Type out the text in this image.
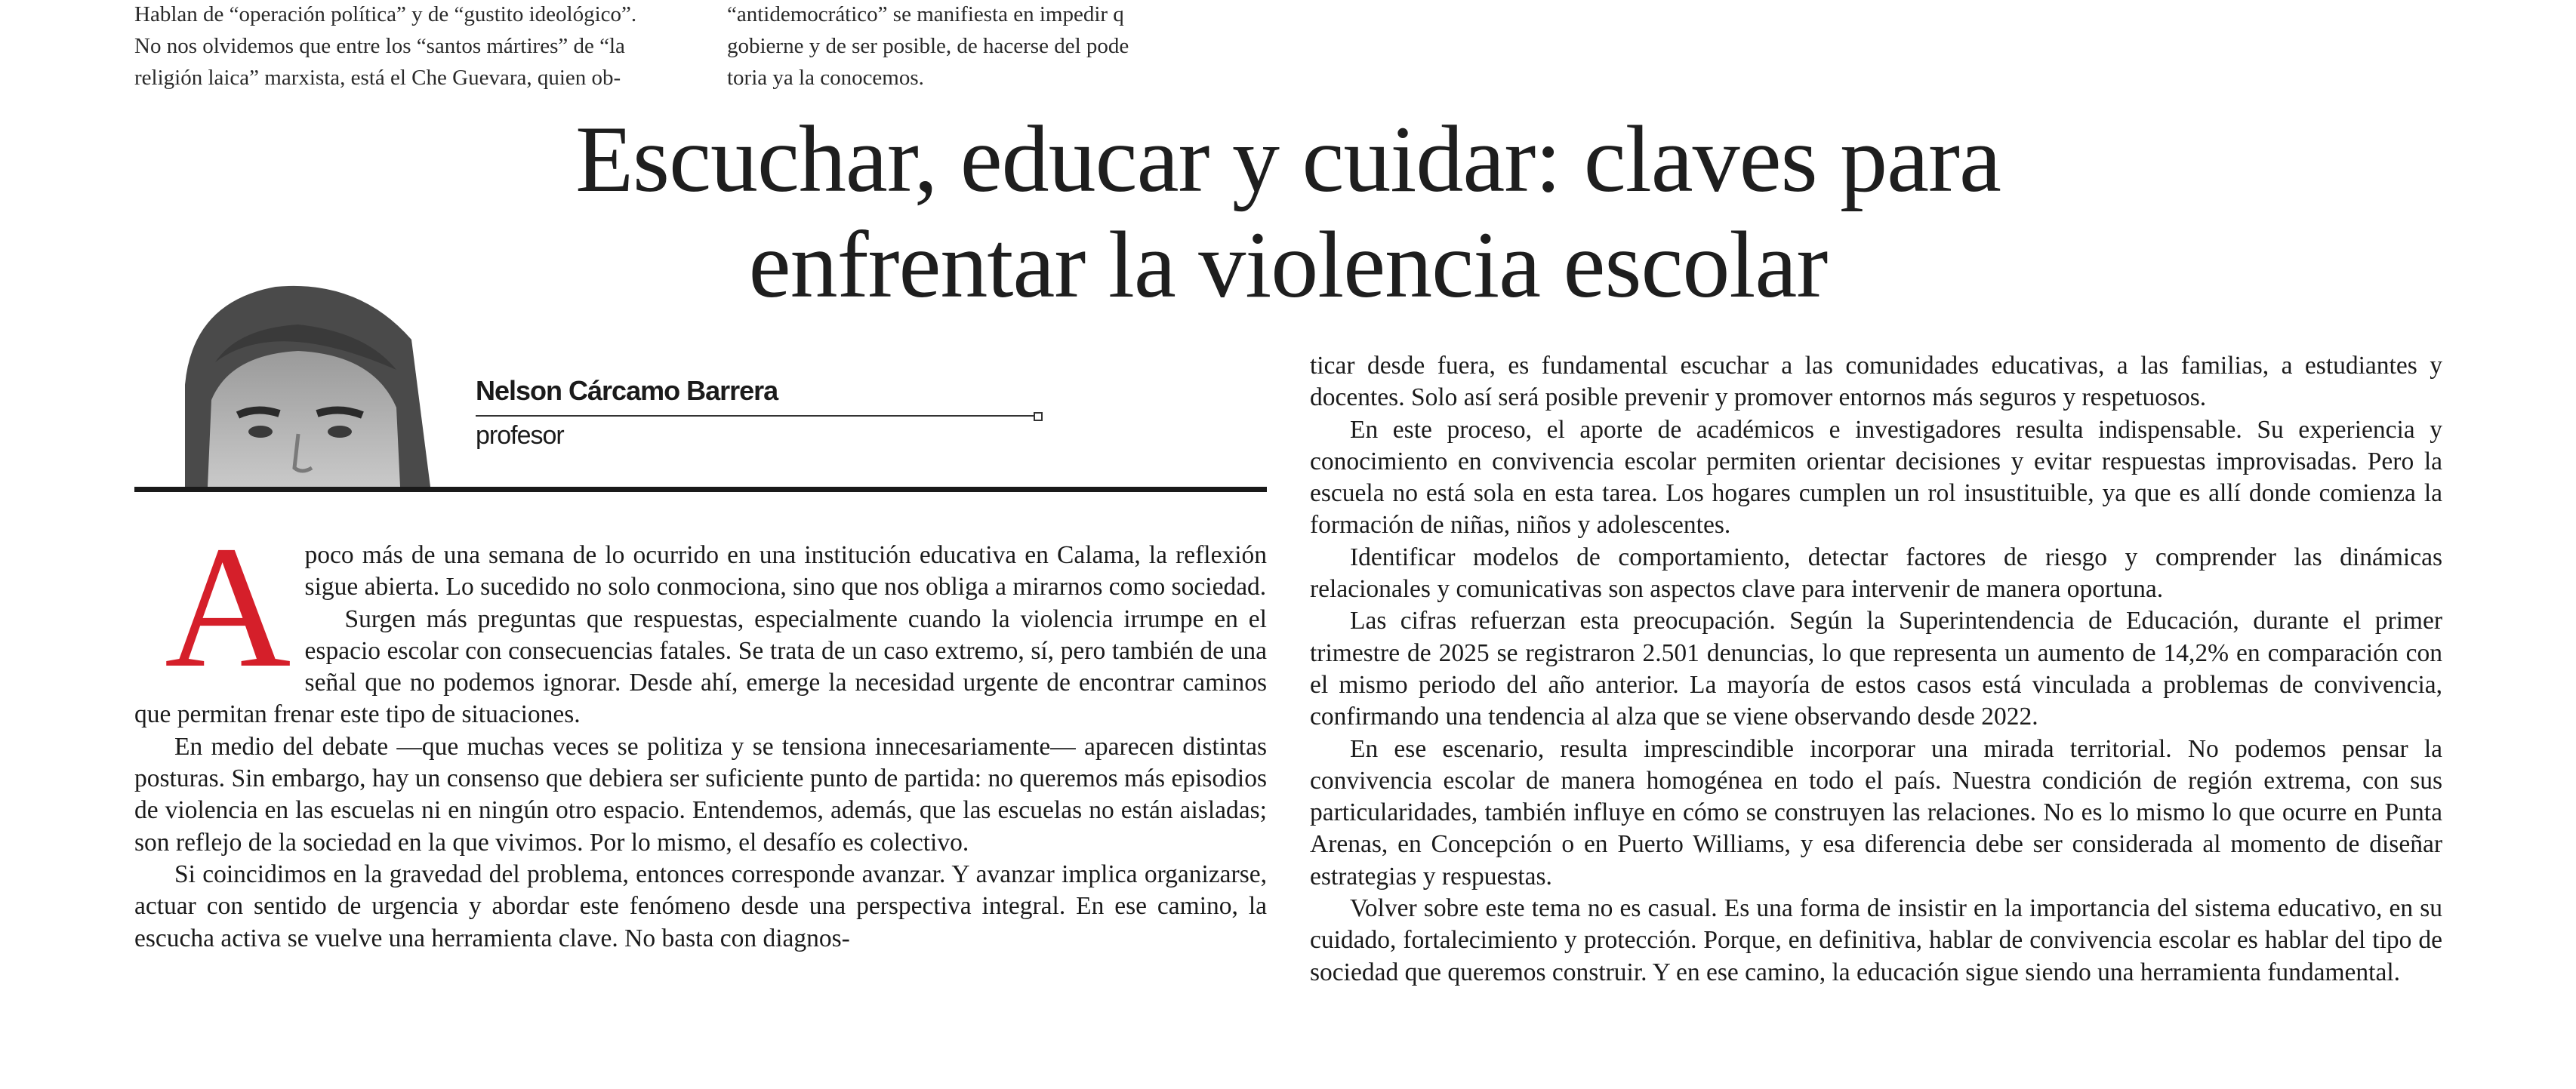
Hablan de “operación política” y de “gustito ideológico”.
No nos olvidemos que entre los “santos mártires” de “la
religión laica” marxista, está el Che Guevara, quien ob-
“antidemocrático” se manifiesta en impedir q
gobierne y de ser posible, de hacerse del pode
toria ya la conocemos.
Escuchar, educar y cuidar: claves para
enfrentar la violencia escolar
Nelson Cárcamo Barrera
profesor
A poco más de una semana de lo ocurrido en una institución educativa en Calama, la reflexión sigue abierta. Lo sucedido no solo conmociona, sino que nos obliga a mirarnos como sociedad.

Surgen más preguntas que respuestas, especialmente cuando la violencia irrumpe en el espacio escolar con consecuencias fatales. Se trata de un caso extremo, sí, pero también de una señal que no podemos ignorar. Desde ahí, emerge la necesidad urgente de encontrar caminos que permitan frenar este tipo de situaciones.

En medio del debate —que muchas veces se politiza y se tensiona innecesariamente— aparecen distintas posturas. Sin embargo, hay un consenso que debiera ser suficiente punto de partida: no queremos más episodios de violencia en las escuelas ni en ningún otro espacio. Entendemos, además, que las escuelas no están aisladas; son reflejo de la sociedad en la que vivimos. Por lo mismo, el desafío es colectivo.

Si coincidimos en la gravedad del problema, entonces corresponde avanzar. Y avanzar implica organizarse, actuar con sentido de urgencia y abordar este fenómeno desde una perspectiva integral. En ese camino, la escucha activa se vuelve una herramienta clave. No basta con diagnos-

ticar desde fuera, es fundamental escuchar a las comunidades educativas, a las familias, a estudiantes y docentes. Solo así será posible prevenir y promover entornos más seguros y respetuosos.

En este proceso, el aporte de académicos e investigadores resulta indispensable. Su experiencia y conocimiento en convivencia escolar permiten orientar decisiones y evitar respuestas improvisadas. Pero la escuela no está sola en esta tarea. Los hogares cumplen un rol insustituible, ya que es allí donde comienza la formación de niñas, niños y adolescentes.

Identificar modelos de comportamiento, detectar factores de riesgo y comprender las dinámicas relacionales y comunicativas son aspectos clave para intervenir de manera oportuna.

Las cifras refuerzan esta preocupación. Según la Superintendencia de Educación, durante el primer trimestre de 2025 se registraron 2.501 denuncias, lo que representa un aumento de 14,2% en comparación con el mismo periodo del año anterior. La mayoría de estos casos está vinculada a problemas de convivencia, confirmando una tendencia al alza que se viene observando desde 2022.

En ese escenario, resulta imprescindible incorporar una mirada territorial. No podemos pensar la convivencia escolar de manera homogénea en todo el país. Nuestra condición de región extrema, con sus particularidades, también influye en cómo se construyen las relaciones. No es lo mismo lo que ocurre en Punta Arenas, en Concepción o en Puerto Williams, y esa diferencia debe ser considerada al momento de diseñar estrategias y respuestas.

Volver sobre este tema no es casual. Es una forma de insistir en la importancia del sistema educativo, en su cuidado, fortalecimiento y protección. Porque, en definitiva, hablar de convivencia escolar es hablar del tipo de sociedad que queremos construir. Y en ese camino, la educación sigue siendo una herramienta fundamental.
